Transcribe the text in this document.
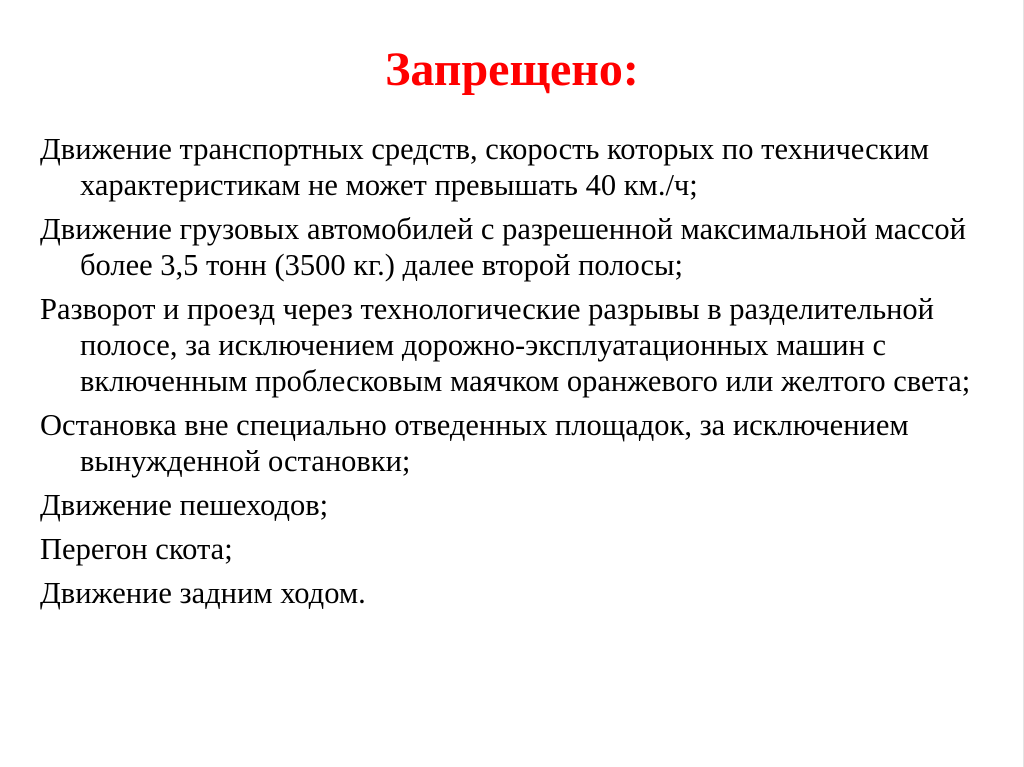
Запрещено:
Движение транспортных средств, скорость которых по техническим характеристикам не может превышать 40 км./ч;
Движение грузовых автомобилей с разрешенной максимальной массой более 3,5 тонн (3500 кг.) далее второй полосы;
Разворот и проезд через технологические разрывы в разделительной полосе, за исключением дорожно-эксплуатационных машин с включенным проблесковым маячком оранжевого или желтого света;
Остановка вне специально отведенных площадок, за исключением вынужденной остановки;
Движение пешеходов;
Перегон скота;
Движение задним ходом.
